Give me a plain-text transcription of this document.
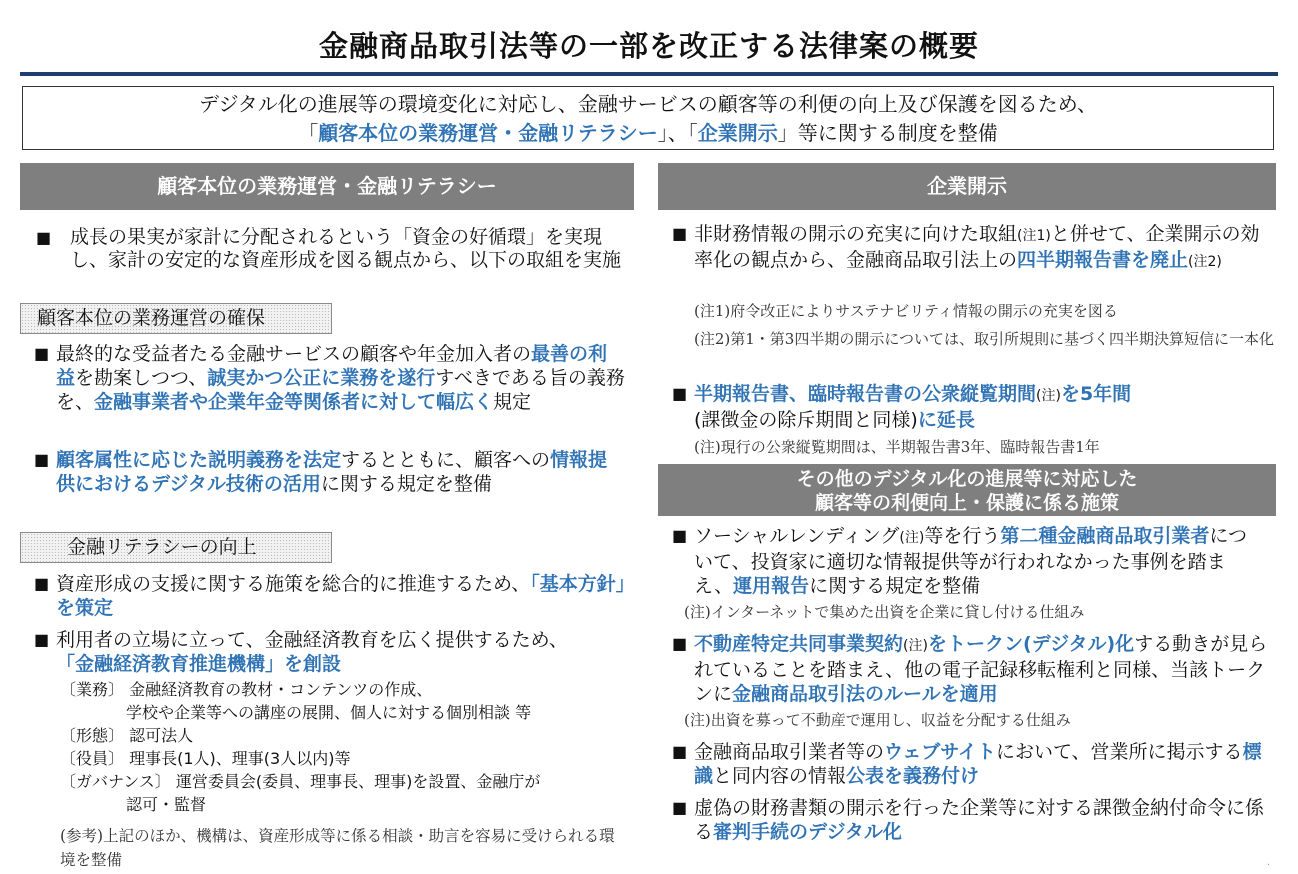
金融商品取引法等の一部を改正する法律案の概要
デジタル化の進展等の環境変化に対応し、金融サービスの顧客等の利便の向上及び保護を図るため、
「顧客本位の業務運営・金融リテラシー」、「企業開示」等に関する制度を整備
顧客本位の業務運営・金融リテラシー
■ 成長の果実が家計に分配されるという「資金の好循環」を実現し、家計の安定的な資産形成を図る観点から、以下の取組を実施
顧客本位の業務運営の確保
■ 最終的な受益者たる金融サービスの顧客や年金加入者の最善の利益を勘案しつつ、誠実かつ公正に業務を遂行すべきである旨の義務を、金融事業者や企業年金等関係者に対して幅広く規定
■ 顧客属性に応じた説明義務を法定するとともに、顧客への情報提供におけるデジタル技術の活用に関する規定を整備
金融リテラシーの向上
■ 資産形成の支援に関する施策を総合的に推進するため、「基本方針」を策定
■ 利用者の立場に立って、金融経済教育を広く提供するため、「金融経済教育推進機構」を創設
〔業務〕 金融経済教育の教材・コンテンツの作成、
学校や企業等への講座の展開、個人に対する個別相談 等
〔形態〕 認可法人
〔役員〕 理事長(1人)、理事(3人以内)等
〔ガバナンス〕 運営委員会(委員、理事長、理事)を設置、金融庁が
認可・監督
(参考)上記のほか、機構は、資産形成等に係る相談・助言を容易に受けられる環境を整備
企業開示
■ 非財務情報の開示の充実に向けた取組(注1)と併せて、企業開示の効率化の観点から、金融商品取引法上の四半期報告書を廃止(注2)
(注1)府令改正によりサステナビリティ情報の開示の充実を図る
(注2)第1・第3四半期の開示については、取引所規則に基づく四半期決算短信に一本化
■ 半期報告書、臨時報告書の公衆縦覧期間(注)を5年間
(課徴金の除斥期間と同様)に延長
(注)現行の公衆縦覧期間は、半期報告書3年、臨時報告書1年
その他のデジタル化の進展等に対応した
顧客等の利便向上・保護に係る施策
■ ソーシャルレンディング(注)等を行う第二種金融商品取引業者について、投資家に適切な情報提供等が行われなかった事例を踏まえ、運用報告に関する規定を整備
(注)インターネットで集めた出資を企業に貸し付ける仕組み
■ 不動産特定共同事業契約(注)をトークン(デジタル)化する動きが見られていることを踏まえ、他の電子記録移転権利と同様、当該トークンに金融商品取引法のルールを適用
(注)出資を募って不動産で運用し、収益を分配する仕組み
■ 金融商品取引業者等のウェブサイトにおいて、営業所に掲示する標識と同内容の情報公表を義務付け
■ 虚偽の財務書類の開示を行った企業等に対する課徴金納付命令に係る審判手続のデジタル化
.
